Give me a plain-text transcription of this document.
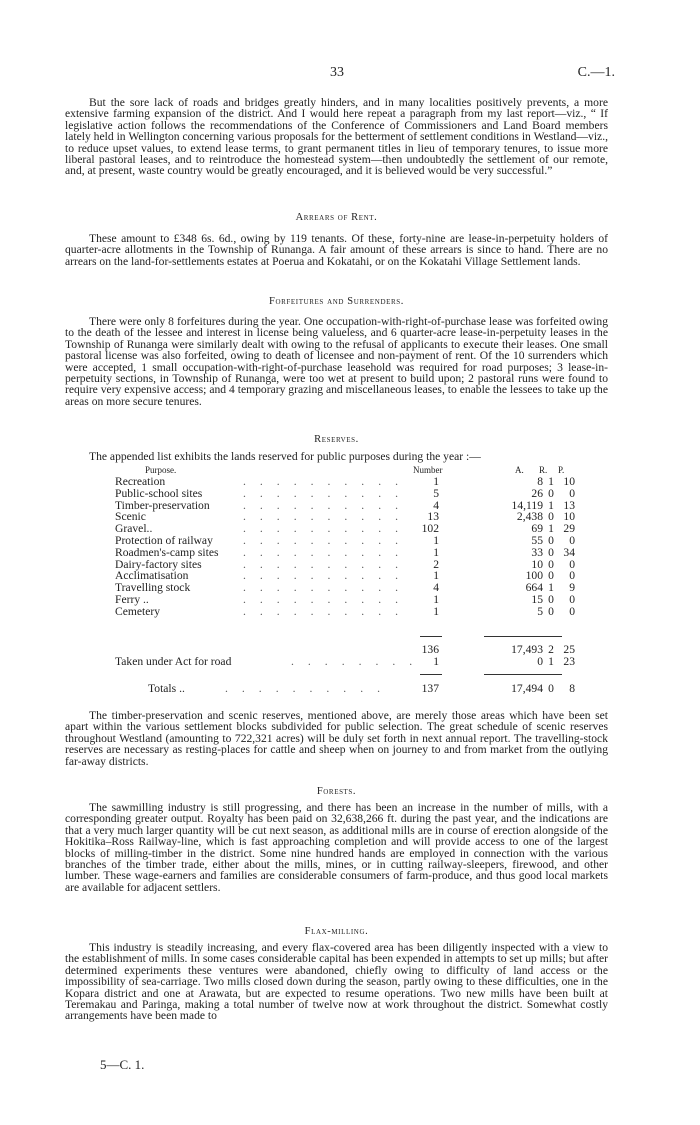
33	C.—1.

But the sore lack of roads and bridges greatly hinders, and in many localities positively prevents, a more extensive farming expansion of the district. And I would here repeat a paragraph from my last report—viz., “ If legislative action follows the recommendations of the Conference of Commissioners and Land Board members lately held in Wellington concerning various proposals for the betterment of settlement conditions in Westland—viz., to reduce upset values, to extend lease terms, to grant permanent titles in lieu of temporary tenures, to issue more liberal pastoral leases, and to reintroduce the homestead system—then undoubtedly the settlement of our remote, and, at present, waste country would be greatly encouraged, and it is believed would be very successful.”

Arrears of Rent.

These amount to £348 6s. 6d., owing by 119 tenants. Of these, forty-nine are lease-in-perpetuity holders of quarter-acre allotments in the Township of Runanga. A fair amount of these arrears is since to hand. There are no arrears on the land-for-settlements estates at Poerua and Kokatahi, or on the Kokatahi Village Settlement lands.

Forfeitures and Surrenders.

There were only 8 forfeitures during the year. One occupation-with-right-of-purchase lease was forfeited owing to the death of the lessee and interest in license being valueless, and 6 quarter-acre lease-in-perpetuity leases in the Township of Runanga were similarly dealt with owing to the refusal of applicants to execute their leases. One small pastoral license was also forfeited, owing to death of licensee and non-payment of rent. Of the 10 surrenders which were accepted, 1 small occupation-with-right-of-purchase leasehold was required for road purposes; 3 lease-in-perpetuity sections, in Township of Runanga, were too wet at present to build upon; 2 pastoral runs were found to require very expensive access; and 4 temporary grazing and miscellaneous leases, to enable the lessees to take up the areas on more secure tenures.

Reserves.

The appended list exhibits the lands reserved for public purposes during the year :—

Purpose.	Number	A. R. P.
Recreation	1	8 1 10
..........
Public-school sites	5	26 0	0
..........
Timber-preservation	4	14,119 1 13
..........
Scenic	13	2,438 0 10
..........
Gravel..	102	69 1 29
..........
Protection of railway	1	55 0	0
..........
Roadmen's-camp sites	1	33 0 34
..........
Dairy-factory sites	2	10 0	0
..........
Acclimatisation	1	100 0	0
..........
Travelling stock	4	664 1	9
..........
Ferry ..	1	15 0	0
..........
Cemetery	1	5 0	0
..........
136	17,493 2 25
Taken under Act for road	........ 1	0 1 23
Totals ..	..........	137	17,494 0	8

The timber-preservation and scenic reserves, mentioned above, are merely those areas which have been set apart within the various settlement blocks subdivided for public selection. The great schedule of scenic reserves throughout Westland (amounting to 722,321 acres) will be duly set forth in next annual report. The travelling-stock reserves are necessary as resting-places for cattle and sheep when on journey to and from market from the outlying far-away districts.

Forests.

The sawmilling industry is still progressing, and there has been an increase in the number of mills, with a corresponding greater output. Royalty has been paid on 32,638,266 ft. during the past year, and the indications are that a very much larger quantity will be cut next season, as additional mills are in course of erection alongside of the Hokitika–Ross Railway-line, which is fast approaching completion and will provide access to one of the largest blocks of milling-timber in the district. Some nine hundred hands are employed in connection with the various branches of the timber trade, either about the mills, mines, or in cutting railway-sleepers, firewood, and other lumber. These wage-earners and families are considerable consumers of farm-produce, and thus good local markets are available for adjacent settlers.

Flax-milling.

This industry is steadily increasing, and every flax-covered area has been diligently inspected with a view to the establishment of mills. In some cases considerable capital has been expended in attempts to set up mills; but after determined experiments these ventures were abandoned, chiefly owing to difficulty of land access or the impossibility of sea-carriage. Two mills closed down during the season, partly owing to these difficulties, one in the Kopara district and one at Arawata, but are expected to resume operations. Two new mills have been built at Teremakau and Paringa, making a total number of twelve now at work throughout the district. Somewhat costly arrangements have been made to

5—C. 1.
